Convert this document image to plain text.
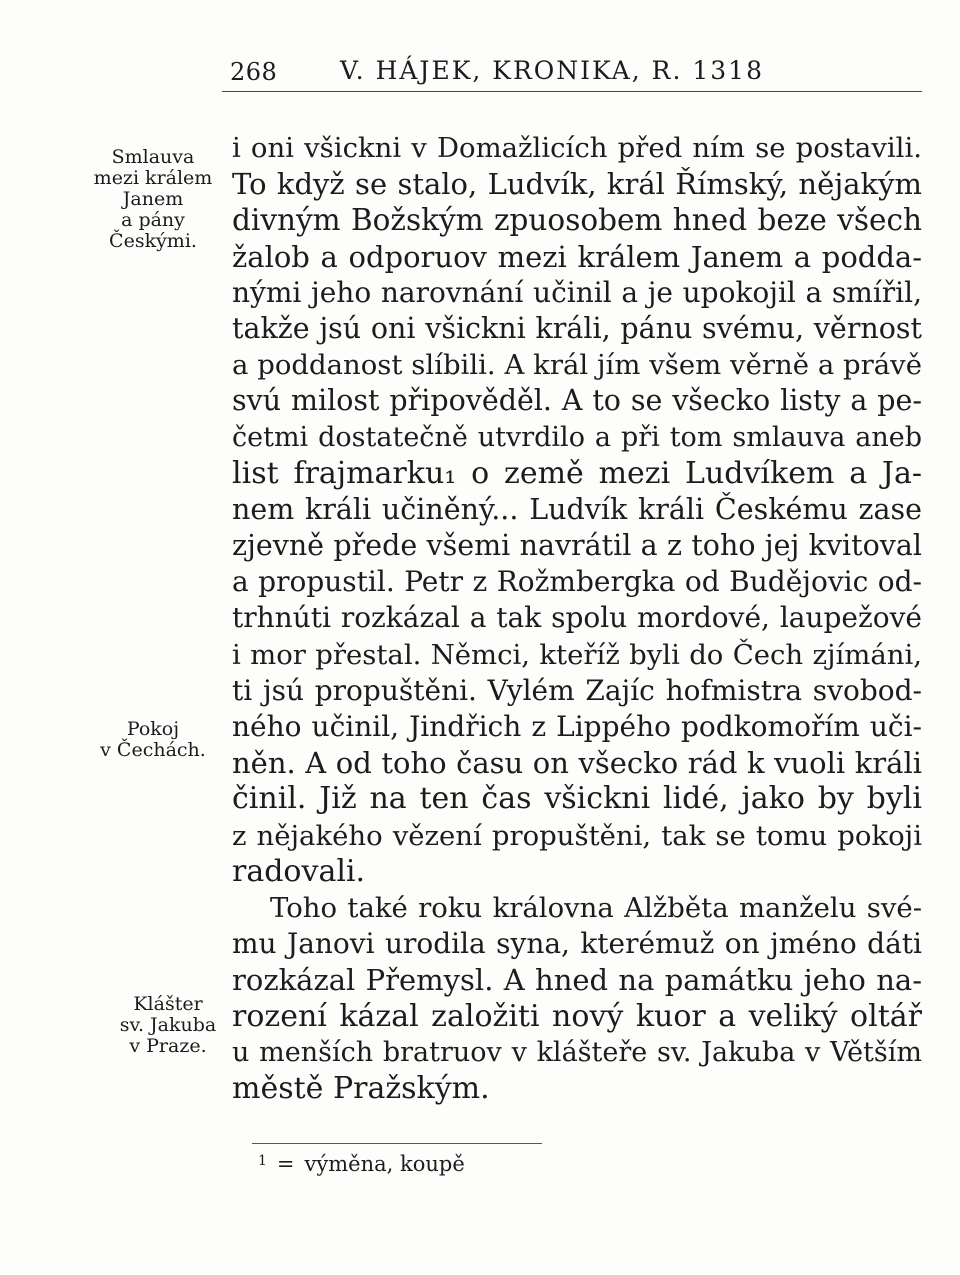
268	V. HÁJEK, KRONIKA, R. 1318
Smlauva
mezi králem
Janem
a pány
Českými.
Pokoj
v Čechách.
Klášter
sv. Jakuba
v Praze.
i oni všickni v Domažlicích před ním se postavili.
To když se stalo, Ludvík, král Římský, nějakým
divným Božským zpuosobem hned beze všech
žalob a odporuov mezi králem Janem a podda-
nými jeho narovnání učinil a je upokojil a smířil,
takže jsú oni všickni králi, pánu svému, věrnost
a poddanost slíbili. A král jím všem věrně a právě
svú milost připověděl. A to se všecko listy a pe-
četmi dostatečně utvrdilo a při tom smlauva aneb
list frajmarku₁ o země mezi Ludvíkem a Ja-
nem králi učiněný... Ludvík králi Českému zase
zjevně přede všemi navrátil a z toho jej kvitoval
a propustil. Petr z Rožmbergka od Budějovic od-
trhnúti rozkázal a tak spolu mordové, laupežové
i mor přestal. Němci, kteříž byli do Čech zjímáni,
ti jsú propuštěni. Vylém Zajíc hofmistra svobod-
ného učinil, Jindřich z Lippého podkomořím uči-
něn. A od toho času on všecko rád k vuoli králi
činil. Již na ten čas všickni lidé, jako by byli
z nějakého vězení propuštěni, tak se tomu pokoji
radovali.
Toho také roku královna Alžběta manželu své-
mu Janovi urodila syna, kterémuž on jméno dáti
rozkázal Přemysl. A hned na památku jeho na-
rození kázal založiti nový kuor a veliký oltář
u menších bratruov v klášteře sv. Jakuba v Větším
městě Pražským.
$^1$ = výměna, koupě
